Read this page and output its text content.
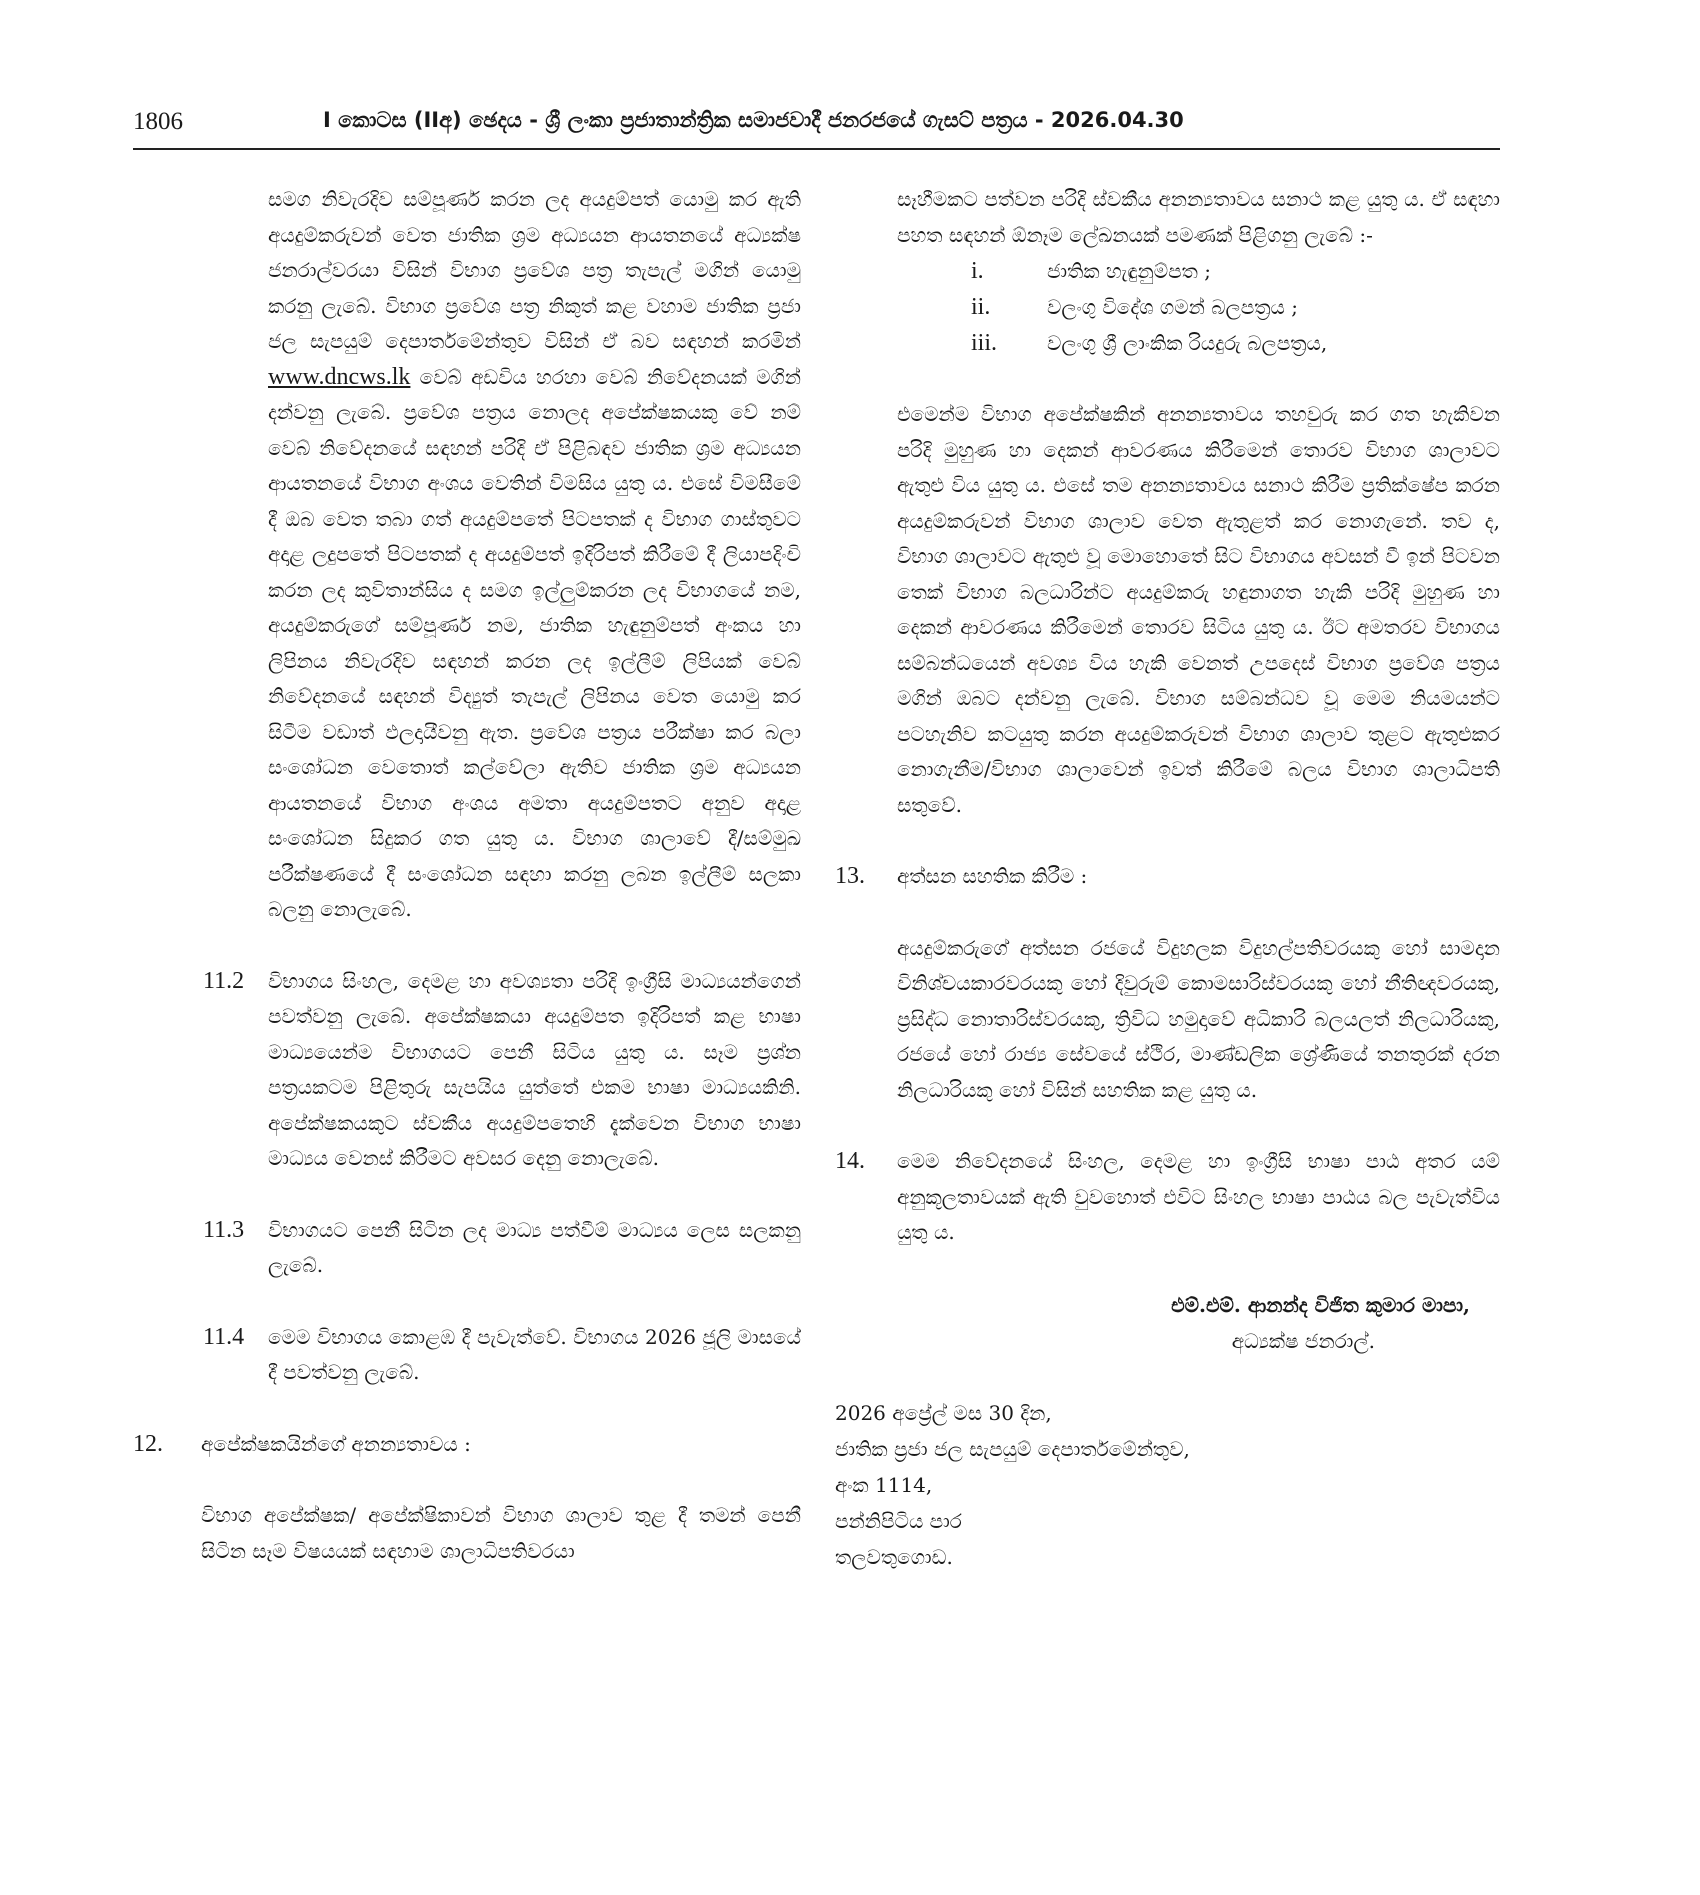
1806	I කොටස (IIඅ) ඡෙදය - ශ්‍රී ලංකා ප්‍රජාතාන්ත්‍රික සමාජවාදී ජනරජයේ ගැසට් පත්‍රය - 2026.04.30

සමග නිවැරදිව සම්පූර්ණ කරන ලද අයදුම්පත් යොමු කර ඇති අයදුම්කරුවන් වෙත ජාතික ශ්‍රම අධ්‍යයන ආයතනයේ අධ්‍යක්ෂ ජනරාල්වරයා විසින් විභාග ප්‍රවේශ පත්‍ර තැපැල් මගින් යොමු කරනු ලැබේ. විභාග ප්‍රවේශ පත්‍ර නිකුත් කළ වහාම ජාතික ප්‍රජා ජල සැපයුම් දෙපාර්තමේන්තුව විසින් ඒ බව සඳහන් කරමින් www.dncws.lk වෙබ් අඩවිය හරහා වෙබ් නිවේදනයක් මගින් දන්වනු ලැබේ. ප්‍රවේශ පත්‍රය නොලද අපේක්ෂකයකු වේ නම් වෙබ් නිවේදනයේ සඳහන් පරිදි ඒ පිළිබඳව ජාතික ශ්‍රම අධ්‍යයන ආයතනයේ විභාග අංශය වෙතින් විමසිය යුතු ය. එසේ විමසීමේ දී ඔබ වෙත තබා ගත් අයදුම්පතේ පිටපතක් ද විභාග ගාස්තුවට අදාළ ලදුපතේ පිටපතක් ද අයදුම්පත් ඉදිරිපත් කිරීමේ දී ලියාපදිංචි කරන ලද කුවිතාන්සිය ද සමග ඉල්ලුම්කරන ලද විභාගයේ නම, අයදුම්කරුගේ සම්පූර්ණ නම, ජාතික හැඳුනුම්පත් අංකය හා ලිපිනය නිවැරදිව සඳහන් කරන ලද ඉල්ලීම් ලිපියක් වෙබ් නිවේදනයේ සඳහන් විද්‍යුත් තැපැල් ලිපිනය වෙත යොමු කර සිටීම වඩාත් ඵලදායීවනු ඇත. ප්‍රවේශ පත්‍රය පරීක්ෂා කර බලා සංශෝධන වෙතොත් කල්වේලා ඇතිව ජාතික ශ්‍රම අධ්‍යයන ආයතනයේ විභාග අංශය අමතා අයදුම්පතට අනුව අදාළ සංශෝධන සිදුකර ගත යුතු ය. විභාග ශාලාවේ දී/සම්මුඛ පරීක්ෂණයේ දී සංශෝධන සඳහා කරනු ලබන ඉල්ලීම් සලකා බලනු නොලැබේ.

11.2 විභාගය සිංහල, දෙමළ හා අවශ්‍යතා පරිදි ඉංග්‍රීසි මාධ්‍යයන්ගෙන් පවත්වනු ලැබේ. අපේක්ෂකයා අයදුම්පත ඉදිරිපත් කළ භාෂා මාධ්‍යයෙන්ම විභාගයට පෙනී සිටිය යුතු ය. සෑම ප්‍රශ්න පත්‍රයකටම පිළිතුරු සැපයිය යුත්තේ එකම භාෂා මාධ්‍යයකිනි. අපේක්ෂකයකුට ස්වකීය අයදුම්පතෙහි දැක්වෙන විභාග භාෂා මාධ්‍යය වෙනස් කිරීමට අවසර දෙනු නොලැබේ.

11.3 විභාගයට පෙනී සිටින ලද මාධ්‍ය පත්වීම් මාධ්‍යය ලෙස සලකනු ලැබේ.

11.4 මෙම විභාගය කොළඹ දී පැවැත්වේ. විභාගය 2026 ජූලි මාසයේ දී පවත්වනු ලැබේ.

12. අපේක්ෂකයින්ගේ අනන්‍යතාවය :

විභාග අපේක්ෂක/ අපේක්ෂිකාවන් විභාග ශාලාව තුළ දී තමන් පෙනී සිටින සෑම විෂයයක් සඳහාම ශාලාධිපතිවරයා

සෑහීමකට පත්වන පරිදි ස්වකීය අනන්‍යතාවය සනාථ කළ යුතු ය. ඒ සඳහා පහත සඳහන් ඕනෑම ලේඛනයක් පමණක් පිළිගනු ලැබේ :-

i.	ජාතික හැඳුනුම්පත ;
ii.	වලංගු විදේශ ගමන් බලපත්‍රය ;
iii. වලංගු ශ්‍රී ලාංකික රියදුරු බලපත්‍රය,

එමෙන්ම විභාග අපේක්ෂකින් අනන්‍යතාවය තහවුරු කර ගත හැකිවන පරිදි මුහුණ හා දෙකන් ආවරණය කිරීමෙන් තොරව විභාග ශාලාවට ඇතුළු විය යුතු ය. එසේ තම අනන්‍යතාවය සනාථ කිරීම ප්‍රතික්ෂේප කරන අයදුම්කරුවන් විභාග ශාලාව වෙත ඇතුළත් කර නොගැනේ. තව ද, විභාග ශාලාවට ඇතුළු වූ මොහොතේ සිට විභාගය අවසන් වී ඉන් පිටවන තෙක් විභාග බලධාරින්ට අයදුම්කරු හඳුනාගත හැකි පරිදි මුහුණ හා දෙකන් ආවරණය කිරීමෙන් තොරව සිටිය යුතු ය. ඊට අමතරව විභාගය සම්බන්ධයෙන් අවශ්‍ය විය හැකි වෙනත් උපදෙස් විභාග ප්‍රවේශ පත්‍රය මගින් ඔබට දන්වනු ලැබේ. විභාග සම්බන්ධව වූ මෙම නියමයන්ට පටහැනිව කටයුතු කරන අයදුම්කරුවන් විභාග ශාලාව තුළට ඇතුළුකර නොගැනීම/විභාග ශාලාවෙන් ඉවත් කිරීමේ බලය විභාග ශාලාධිපති සතුවේ.

13. අත්සන සහතික කිරීම :

අයදුම්කරුගේ අත්සන රජයේ විදුහලක විදුහල්පතිවරයකු හෝ සාමදාන විනිශ්චයකාරවරයකු හෝ දිවුරුම් කොමසාරිස්වරයකු හෝ නීතිඥවරයකු, ප්‍රසිද්ධ නොතාරිස්වරයකු, ත්‍රිවිධ හමුදාවේ අධිකාරි බලයලත් නිලධාරියකු, රජයේ හෝ රාජ්‍ය සේවයේ ස්ථිර, මාණ්ඩලික ශ්‍රේණියේ තනතුරක් දරන නිලධාරියකු හෝ විසින් සහතික කළ යුතු ය.

14. මෙම නිවේදනයේ සිංහල, දෙමළ හා ඉංග්‍රීසි භාෂා පාඨ අතර යම් අනුකූලතාවයක් ඇති වුවහොත් එවිට සිංහල භාෂා පාඨය බල පැවැත්විය යුතු ය.

එම්.එම්. ආනන්ද විජිත කුමාර මාපා,
අධ්‍යක්ෂ ජනරාල්.
2026 අප්‍රේල් මස 30 දින,
ජාතික ප්‍රජා ජල සැපයුම් දෙපාර්තමේන්තුව,
අංක 1114,
පන්නිපිටිය පාර
තලවතුගොඩ.
